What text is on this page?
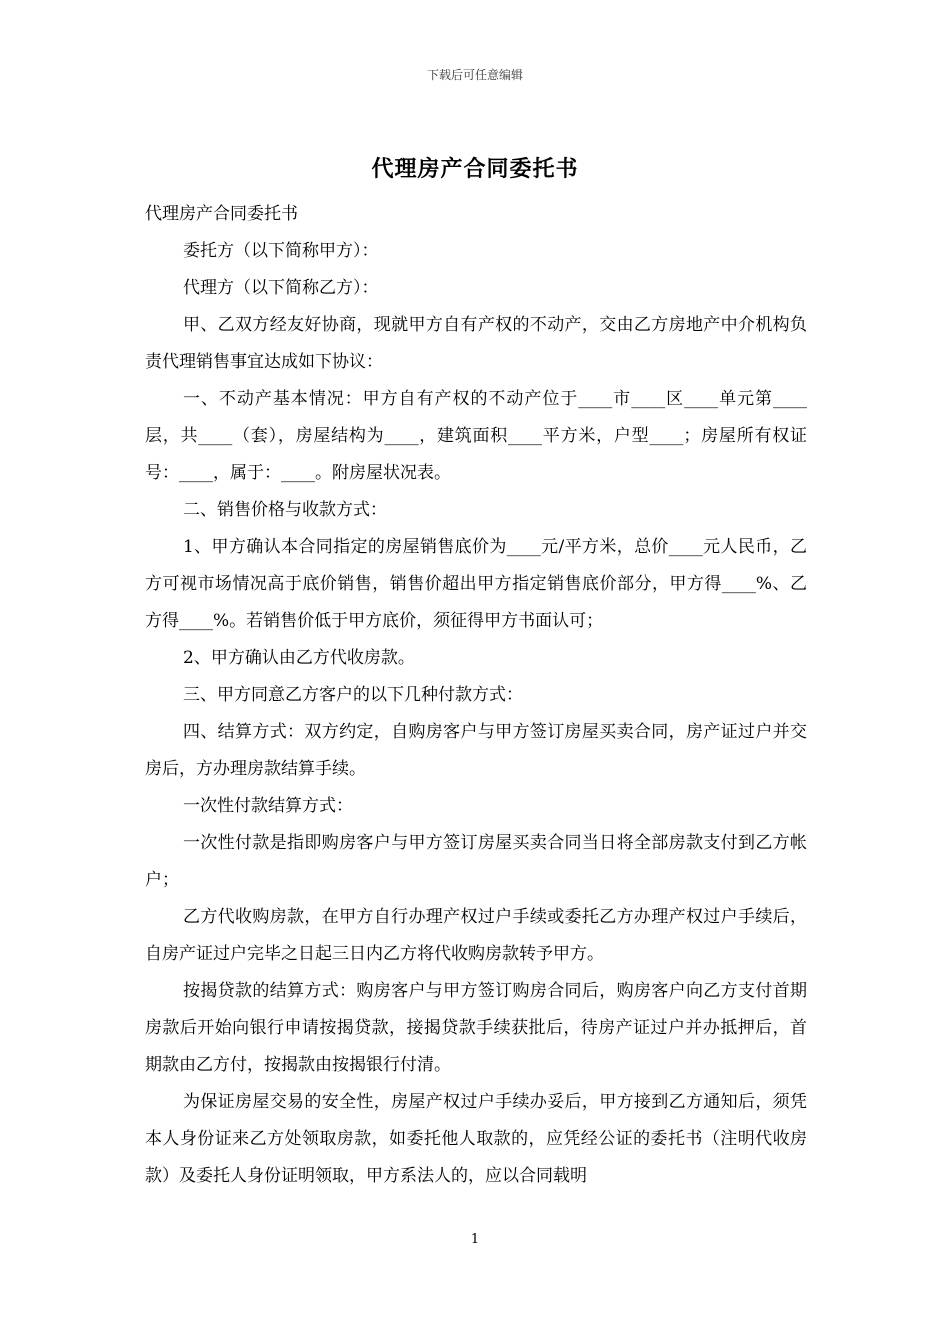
下载后可任意编辑
代理房产合同委托书

代理房产合同委托书

委托方（以下简称甲方）：

代理方（以下简称乙方）：

甲、乙双方经友好协商，现就甲方自有产权的不动产，交由乙方房地产中介机构负责代理销售事宜达成如下协议：

一、不动产基本情况：甲方自有产权的不动产位于____市____区____单元第____层，共____（套），房屋结构为____，建筑面积____平方米，户型____；房屋所有权证号：____，属于：____。附房屋状况表。

二、销售价格与收款方式：

1、甲方确认本合同指定的房屋销售底价为____元/平方米，总价____元人民币，乙方可视市场情况高于底价销售，销售价超出甲方指定销售底价部分，甲方得____%、乙方得____%。若销售价低于甲方底价，须征得甲方书面认可；

2、甲方确认由乙方代收房款。

三、甲方同意乙方客户的以下几种付款方式：

四、结算方式：双方约定，自购房客户与甲方签订房屋买卖合同，房产证过户并交房后，方办理房款结算手续。

一次性付款结算方式：

一次性付款是指即购房客户与甲方签订房屋买卖合同当日将全部房款支付到乙方帐户；

乙方代收购房款，在甲方自行办理产权过户手续或委托乙方办理产权过户手续后，自房产证过户完毕之日起三日内乙方将代收购房款转予甲方。

按揭贷款的结算方式：购房客户与甲方签订购房合同后，购房客户向乙方支付首期房款后开始向银行申请按揭贷款，接揭贷款手续获批后，待房产证过户并办抵押后，首期款由乙方付，按揭款由按揭银行付清。

为保证房屋交易的安全性，房屋产权过户手续办妥后，甲方接到乙方通知后，须凭本人身份证来乙方处领取房款，如委托他人取款的，应凭经公证的委托书（注明代收房款）及委托人身份证明领取，甲方系法人的，应以合同载明

1
